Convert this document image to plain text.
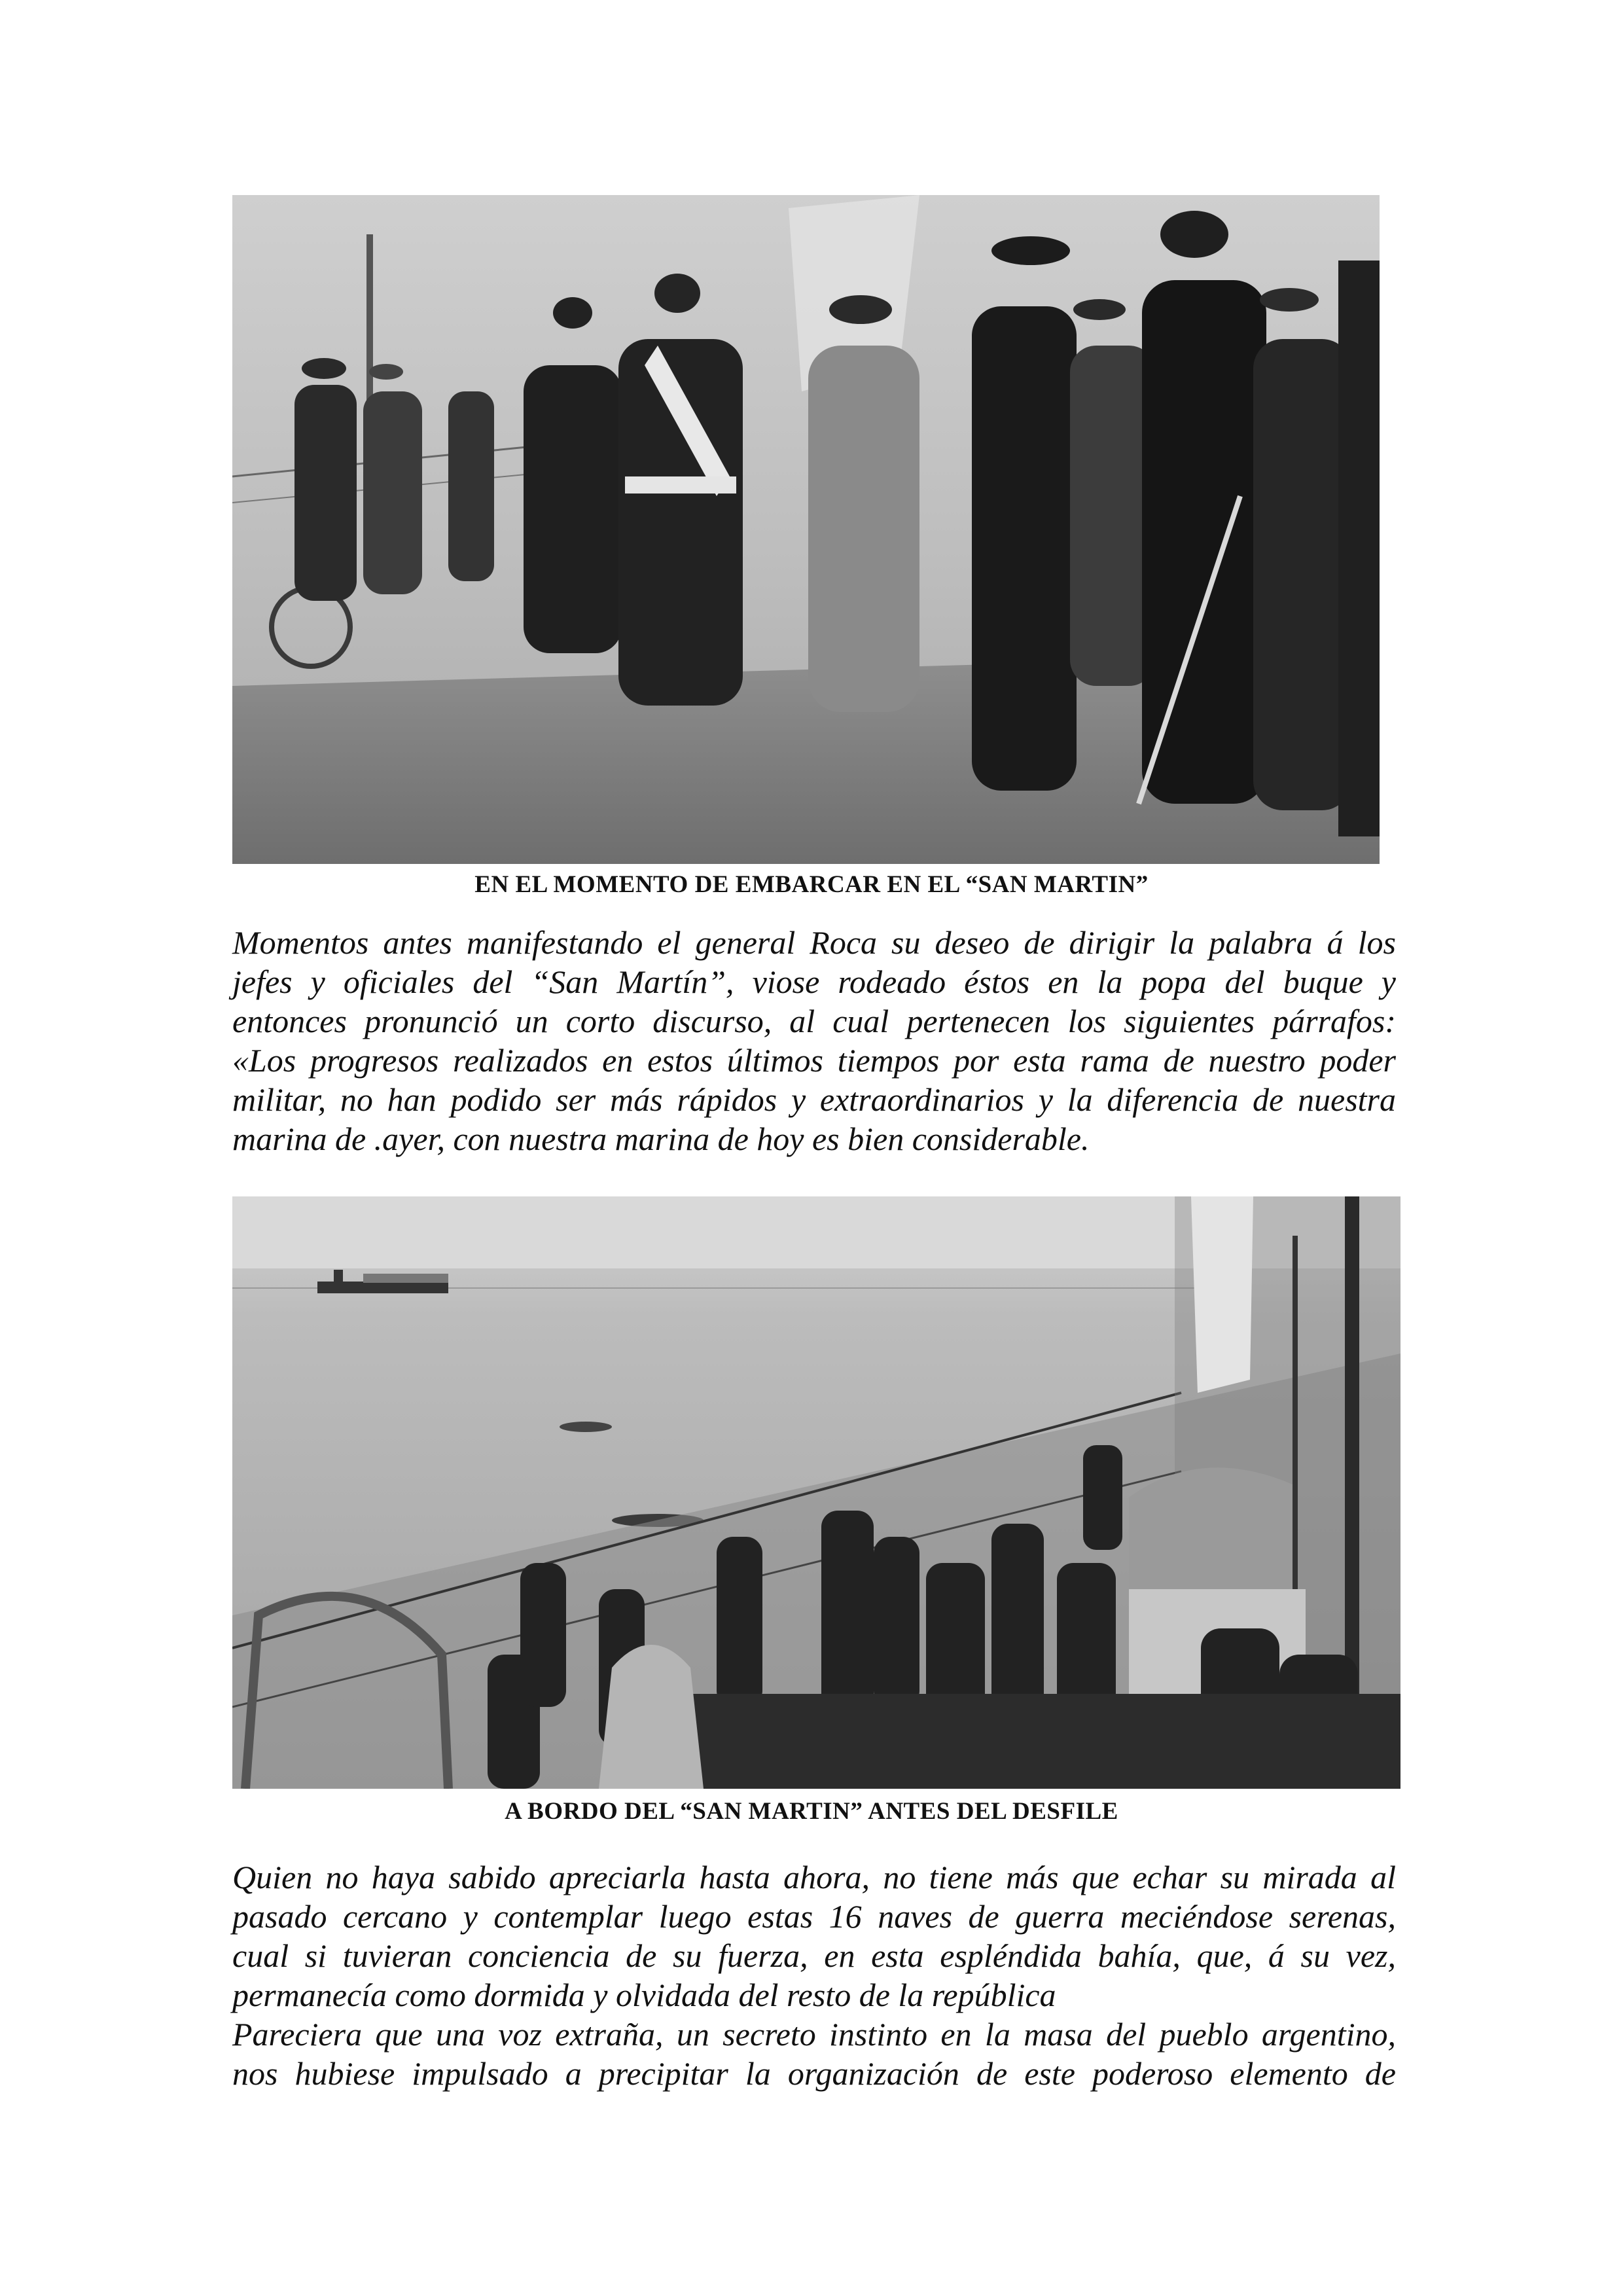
EN EL MOMENTO DE EMBARCAR EN EL “SAN MARTIN”

Momentos antes manifestando el general Roca su deseo de dirigir la palabra á los
jefes y oficiales del “San Martín”, viose rodeado éstos en la popa del buque y
entonces pronunció un corto discurso, al cual pertenecen los siguientes párrafos:
«Los progresos realizados en estos últimos tiempos por esta rama de nuestro poder
militar, no han podido ser más rápidos y extraordinarios y la diferencia de nuestra
marina de .ayer, con nuestra marina de hoy es bien considerable.

A BORDO DEL “SAN MARTIN” ANTES DEL DESFILE

Quien no haya sabido apreciarla hasta ahora, no tiene más que echar su mirada al
pasado cercano y contemplar luego estas 16 naves de guerra meciéndose serenas,
cual si tuvieran conciencia de su fuerza, en esta espléndida bahía, que, á su vez,
permanecía como dormida y olvidada del resto de la república

Pareciera que una voz extraña, un secreto instinto en la masa del pueblo argentino,
nos hubiese impulsado a precipitar la organización de este poderoso elemento de
